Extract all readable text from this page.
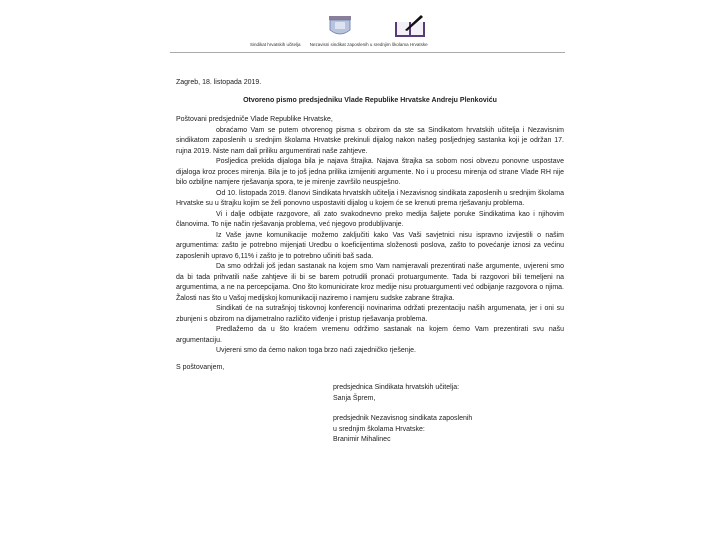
Sindikat hrvatskih učitelja Nezavisni sindikat zaposlenih u srednjim školama Hrvatske
Zagreb, 18. listopada 2019.
Otvoreno pismo predsjedniku Vlade Republike Hrvatske Andreju Plenkoviću
Poštovani predsjedniče Vlade Republike Hrvatske,
obraćamo Vam se putem otvorenog pisma s obzirom da ste sa Sindikatom hrvatskih učitelja i Nezavisnim sindikatom zaposlenih u srednjim školama Hrvatske prekinuli dijalog nakon našeg posljednjeg sastanka koji je održan 17. rujna 2019. Niste nam dali priliku argumentirati naše zahtjeve.
Posljedica prekida dijaloga bila je najava štrajka. Najava štrajka sa sobom nosi obvezu ponovne uspostave dijaloga kroz proces mirenja. Bila je to još jedna prilika izmijeniti argumente. No i u procesu mirenja od strane Vlade RH nije bilo ozbiljne namjere rješavanja spora, te je mirenje završilo neuspješno.
Od 10. listopada 2019. članovi Sindikata hrvatskih učitelja i Nezavisnog sindikata zaposlenih u srednjim školama Hrvatske su u štrajku kojim se želi ponovno uspostaviti dijalog u kojem će se krenuti prema rješavanju problema.
Vi i dalje odbijate razgovore, ali zato svakodnevno preko medija šaljete poruke Sindikatima kao i njihovim članovima. To nije način rješavanja problema, već njegovo produbljivanje.
Iz Vaše javne komunikacije možemo zaključiti kako Vas Vaši savjetnici nisu ispravno izvijestili o našim argumentima: zašto je potrebno mijenjati Uredbu o koeficijentima složenosti poslova, zašto to povećanje iznosi za većinu zaposlenih upravo 6,11% i zašto je to potrebno učiniti baš sada.
Da smo održali još jedan sastanak na kojem smo Vam namjeravali prezentirati naše argumente, uvjereni smo da bi tada prihvatili naše zahtjeve ili bi se barem potrudili pronaći protuargumente. Tada bi razgovori bili temeljeni na argumentima, a ne na percepcijama. Ono što komunicirate kroz medije nisu protuargumenti već odbijanje razgovora o njima. Žalosti nas što u Vašoj medijskoj komunikaciji naziremo i namjeru sudske zabrane štrajka.
Sindikati će na sutrašnjoj tiskovnoj konferenciji novinarima održati prezentaciju naših argumenata, jer i oni su zbunjeni s obzirom na dijametralno različito viđenje i pristup rješavanja problema.
Predlažemo da u što kraćem vremenu održimo sastanak na kojem ćemo Vam prezentirati svu našu argumentaciju.
Uvjereni smo da ćemo nakon toga brzo naći zajedničko rješenje.
S poštovanjem,
predsjednica Sindikata hrvatskih učitelja:
Sanja Šprem,
predsjednik Nezavisnog sindikata zaposlenih
u srednjim školama Hrvatske:
Branimir Mihalinec
